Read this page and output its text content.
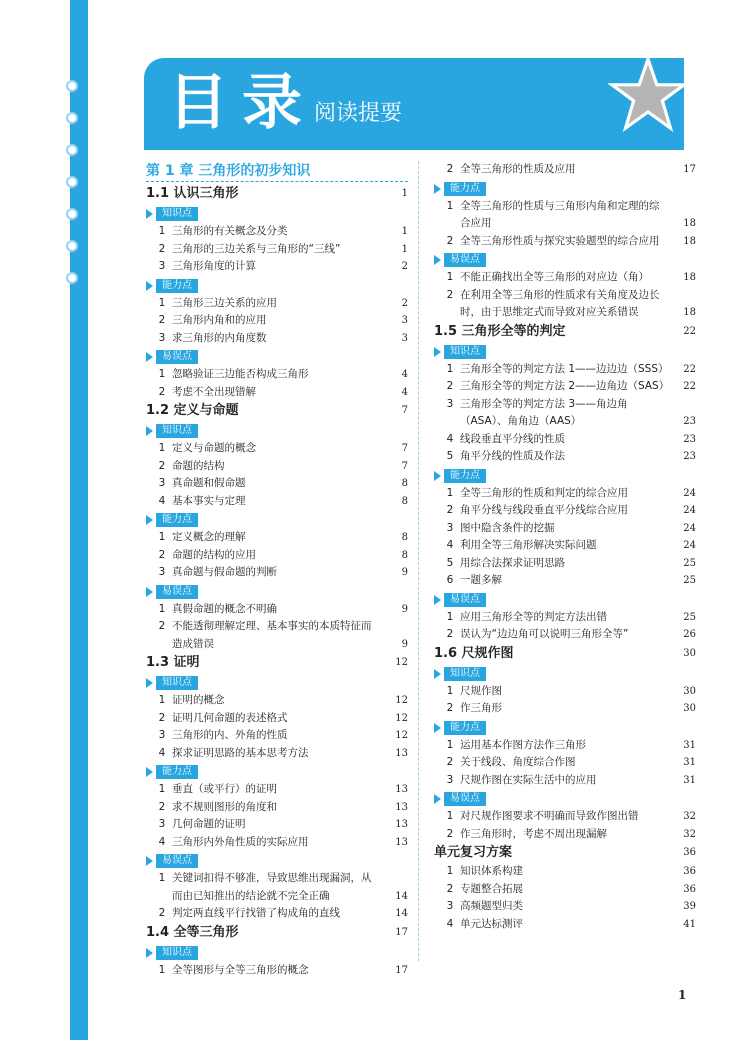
目录
阅读提要
第 1 章 三角形的初步知识
1.1 认识三角形	1
知识点
1 三角形的有关概念及分类	1
2 三角形的三边关系与三角形的“三线”	1
3 三角形角度的计算	2
能力点
1 三角形三边关系的应用	2
2 三角形内角和的应用	3
3 求三角形的内角度数	3
易误点
1 忽略验证三边能否构成三角形	4
2 考虑不全出现错解	4
1.2 定义与命题	7
知识点
1 定义与命题的概念	7
2 命题的结构	7
3 真命题和假命题	8
4 基本事实与定理	8
能力点
1 定义概念的理解	8
2 命题的结构的应用	8
3 真命题与假命题的判断	9
易误点
1 真假命题的概念不明确	9
2 不能透彻理解定理、基本事实的本质特征而造成错误	9
1.3 证明	12
知识点
1 证明的概念	12
2 证明几何命题的表述格式	12
3 三角形的内、外角的性质	12
4 探求证明思路的基本思考方法	13
能力点
1 垂直（或平行）的证明	13
2 求不规则图形的角度和	13
3 几何命题的证明	13
4 三角形内外角性质的实际应用	13
易误点
1 关键词扣得不够准，导致思维出现漏洞，从而由已知推出的结论就不完全正确	14
2 判定两直线平行找错了构成角的直线	14
1.4 全等三角形	17
知识点
1 全等图形与全等三角形的概念	17
2 全等三角形的性质及应用	17
能力点
1 全等三角形的性质与三角形内角和定理的综合应用	18
2 全等三角形性质与探究实验题型的综合应用	18
易误点
1 不能正确找出全等三角形的对应边（角）	18
2 在利用全等三角形的性质求有关角度及边长时，由于思维定式而导致对应关系错误	18
1.5 三角形全等的判定	22
知识点
1 三角形全等的判定方法 1——边边边（SSS）	22
2 三角形全等的判定方法 2——边角边（SAS）	22
3 三角形全等的判定方法 3——角边角（ASA）、角角边（AAS）	23
4 线段垂直平分线的性质	23
5 角平分线的性质及作法	23
能力点
1 全等三角形的性质和判定的综合应用	24
2 角平分线与线段垂直平分线综合应用	24
3 图中隐含条件的挖掘	24
4 利用全等三角形解决实际问题	24
5 用综合法探求证明思路	25
6 一题多解	25
易误点
1 应用三角形全等的判定方法出错	25
2 误认为“边边角可以说明三角形全等”	26
1.6 尺规作图	30
知识点
1 尺规作图	30
2 作三角形	30
能力点
1 运用基本作图方法作三角形	31
2 关于线段、角度综合作图	31
3 尺规作图在实际生活中的应用	31
易误点
1 对尺规作图要求不明确而导致作图出错	32
2 作三角形时，考虑不周出现漏解	32
单元复习方案	36
1 知识体系构建	36
2 专题整合拓展	36
3 高频题型归类	39
4 单元达标测评	41
1
